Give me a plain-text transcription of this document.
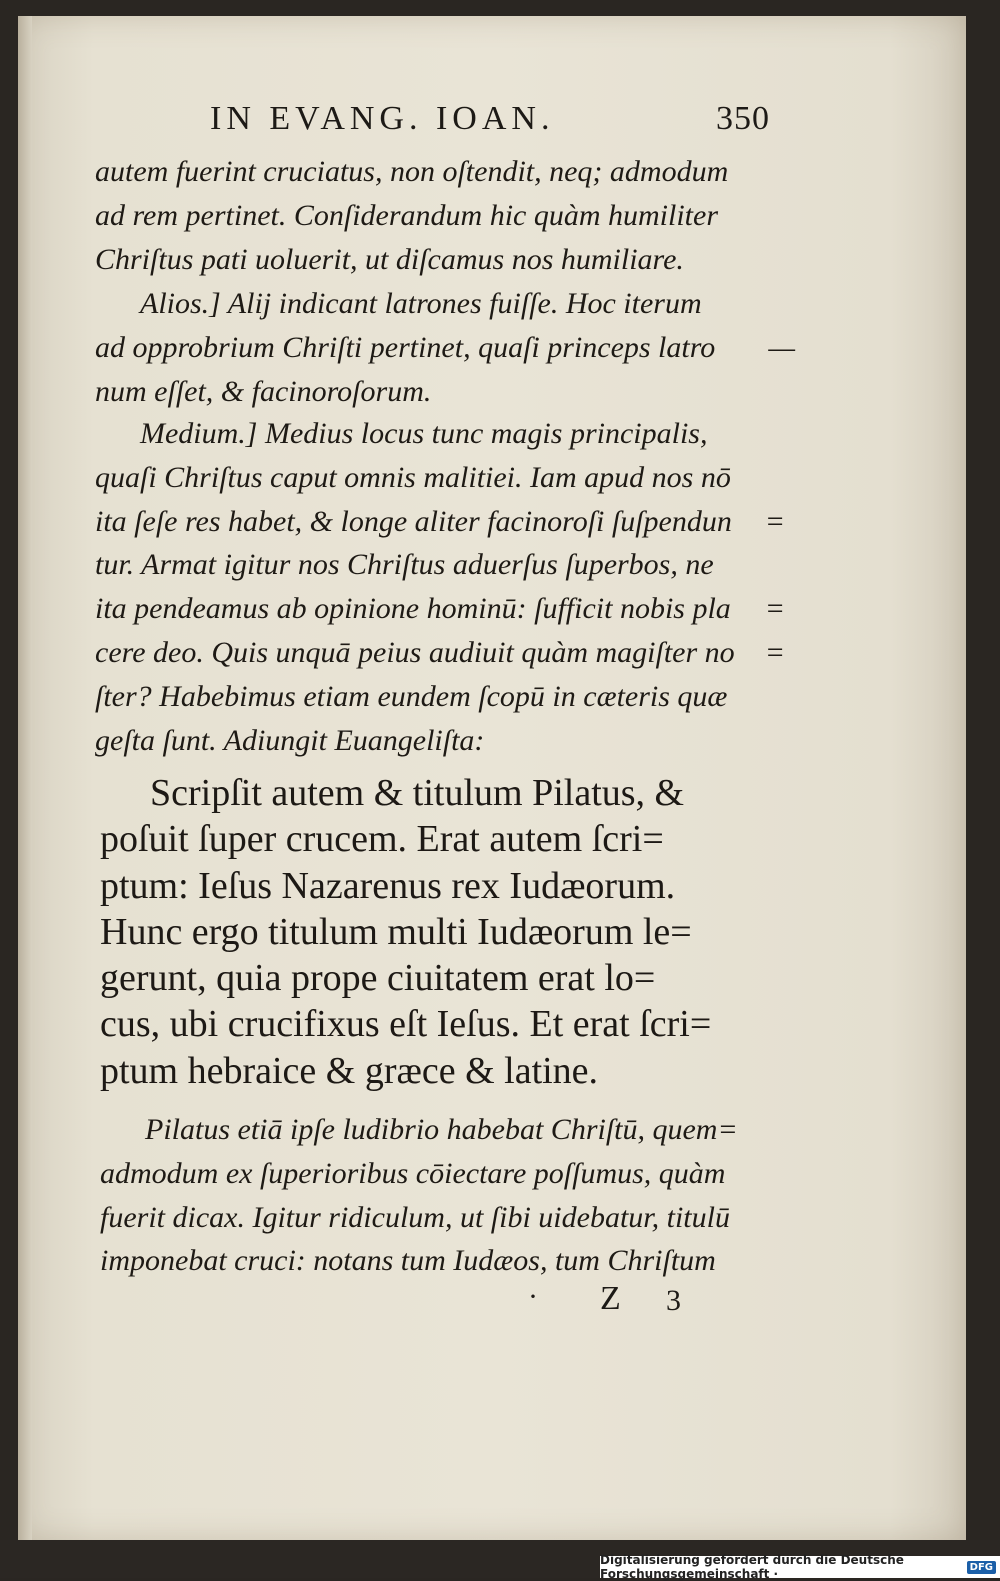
IN EVANG. IOAN.	350
autem fuerint cruciatus, non oſtendit, neq; admodum
ad rem pertinet. Conſiderandum hic quàm humiliter
Chriſtus pati uoluerit, ut diſcamus nos humiliare.
Alios.] Alij indicant latrones fuiſſe. Hoc iterum
ad opprobrium Chriſti pertinet, quaſi princeps latro —
num eſſet, & facinoroſorum.
Medium.] Medius locus tunc magis principalis,
quaſi Chriſtus caput omnis malitiei. Iam apud nos nō
ita ſeſe res habet, & longe aliter facinoroſi ſuſpendun =
tur. Armat igitur nos Chriſtus aduerſus ſuperbos, ne
ita pendeamus ab opinione hominū: ſufficit nobis pla =
cere deo. Quis unquā peius audiuit quàm magiſter no =
ſter? Habebimus etiam eundem ſcopū in cæteris quæ
geſta ſunt. Adiungit Euangeliſta:
Scripſit autem & titulum Pilatus, &
poſuit ſuper crucem. Erat autem ſcri=
ptum: Ieſus Nazarenus rex Iudæorum.
Hunc ergo titulum multi Iudæorum le=
gerunt, quia prope ciuitatem erat lo=
cus, ubi crucifixus eſt Ieſus. Et erat ſcri=
ptum hebraice & græce & latine.
Pilatus etiā ipſe ludibrio habebat Chriſtū, quem=
admodum ex ſuperioribus cōiectare poſſumus, quàm
fuerit dicax. Igitur ridiculum, ut ſibi uidebatur, titulū
imponebat cruci: notans tum Iudæos, tum Chriſtum
· Z 3
Digitalisierung gefördert durch die Deutsche Forschungsgemeinschaft ·	DFG
